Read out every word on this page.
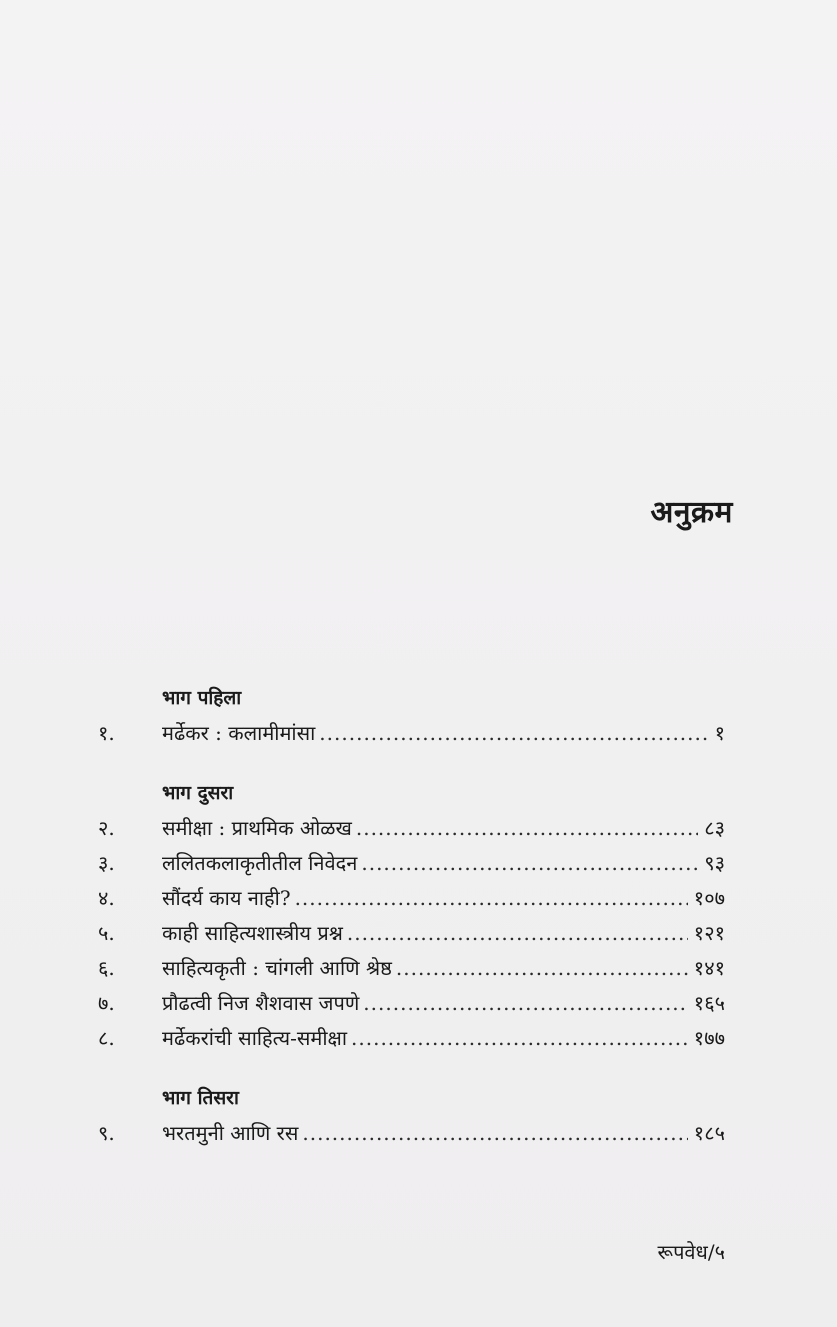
अनुक्रम
भाग पहिला
१.	मर्ढेकर : कलामीमांसा .....	१
भाग दुसरा
२.	समीक्षा : प्राथमिक ओळख .....	८३
३.	ललितकलाकृतीतील निवेदन .....	९३
४.	सौंदर्य काय नाही? .....	१०७
५.	काही साहित्यशास्त्रीय प्रश्न .....	१२१
६.	साहित्यकृती : चांगली आणि श्रेष्ठ .....	१४१
७.	प्रौढत्वी निज शैशवास जपणे .....	१६५
८.	मर्ढेकरांची साहित्य-समीक्षा .....	१७७
भाग तिसरा
९.	भरतमुनी आणि रस .....	१८५
रूपवेध/५
